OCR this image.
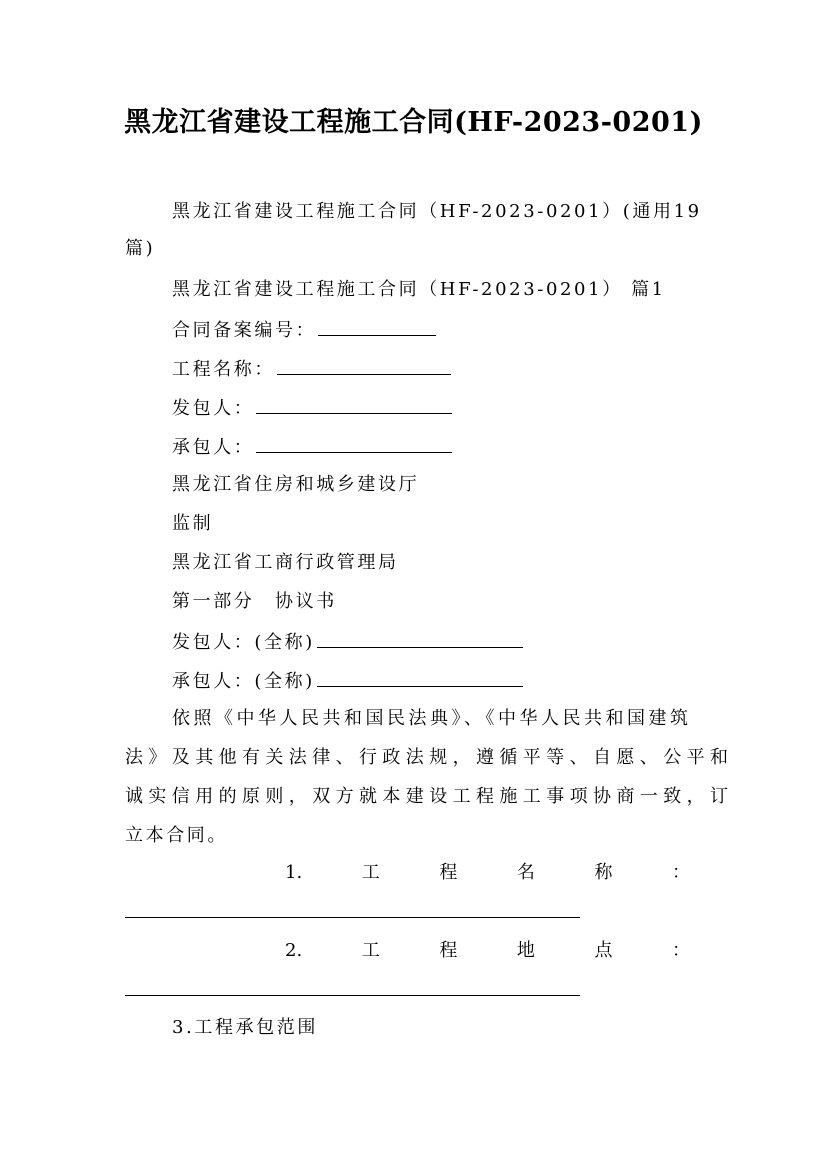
黑龙江省建设工程施工合同(HF-2023-0201)
黑龙江省建设工程施工合同（HF-2023-0201）(通用19
篇)
黑龙江省建设工程施工合同（HF-2023-0201） 篇1
合同备案编号：
工程名称：
发包人：
承包人：
黑龙江省住房和城乡建设厅
监制
黑龙江省工商行政管理局
第一部分　协议书
发包人：(全称)
承包人：(全称)
依照《中华人民共和国民法典》、《中华人民共和国建筑
法》及其他有关法律、行政法规，遵循平等、自愿、公平和
诚实信用的原则，双方就本建设工程施工事项协商一致，订
立本合同。
1.	工	程	名	称	：
2.	工	程	地	点	：
3.工程承包范围
